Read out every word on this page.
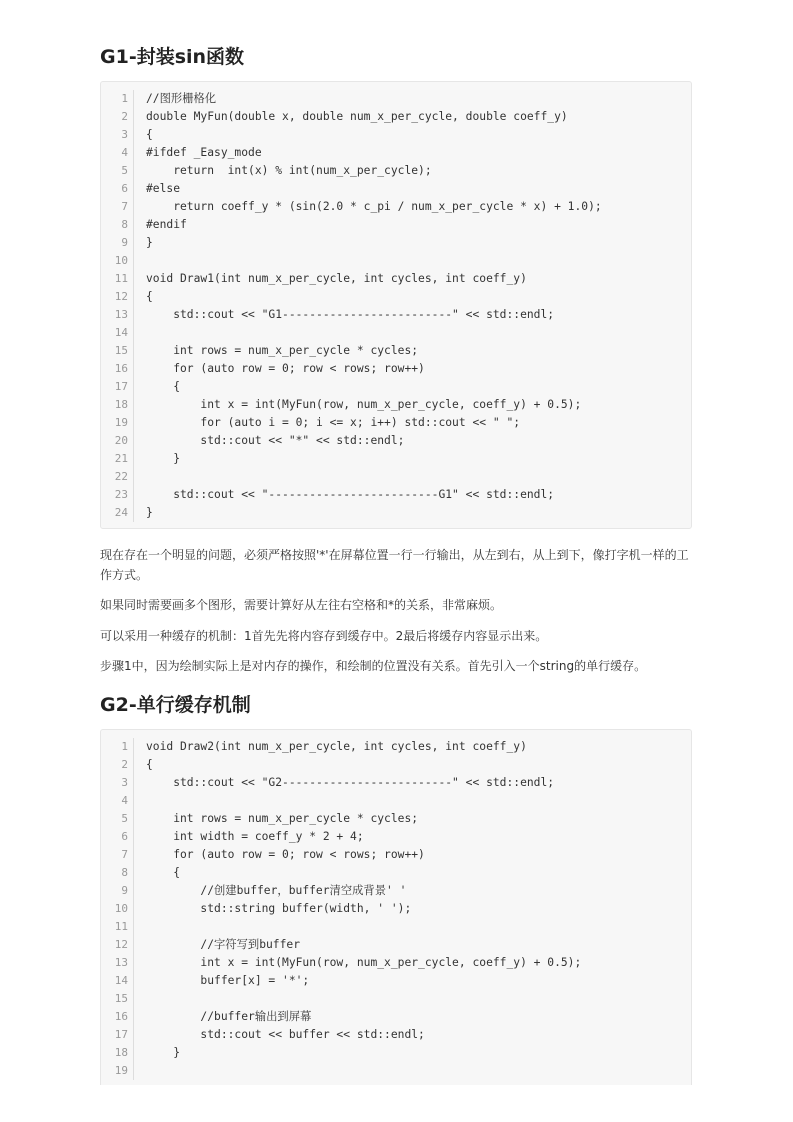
G1-封装sin函数
1	//图形栅格化
2	double MyFun(double x, double num_x_per_cycle, double coeff_y)
3	{
4	#ifdef _Easy_mode
5	return  int(x) % int(num_x_per_cycle);
6	#else
7	return coeff_y * (sin(2.0 * c_pi / num_x_per_cycle * x) + 1.0);
8	#endif
9	}
10
11	void Draw1(int num_x_per_cycle, int cycles, int coeff_y)
12	{
13	std::cout << "G1-------------------------" << std::endl;
14
15	int rows = num_x_per_cycle * cycles;
16	for (auto row = 0; row < rows; row++)
17	{
18	int x = int(MyFun(row, num_x_per_cycle, coeff_y) + 0.5);
19	for (auto i = 0; i <= x; i++) std::cout << " ";
20	std::cout << "*" << std::endl;
21	}
22
23	std::cout << "-------------------------G1" << std::endl;
24	}

现在存在一个明显的问题，必须严格按照'*'在屏幕位置一行一行输出，从左到右，从上到下，像打字机一样的工作方式。

如果同时需要画多个图形，需要计算好从左往右空格和*的关系，非常麻烦。

可以采用一种缓存的机制：1首先先将内容存到缓存中。2最后将缓存内容显示出来。

步骤1中，因为绘制实际上是对内存的操作，和绘制的位置没有关系。首先引入一个string的单行缓存。

G2-单行缓存机制
1	void Draw2(int num_x_per_cycle, int cycles, int coeff_y)
2	{
3	std::cout << "G2-------------------------" << std::endl;
4
5	int rows = num_x_per_cycle * cycles;
6	int width = coeff_y * 2 + 4;
7	for (auto row = 0; row < rows; row++)
8	{
9	//创建buffer，buffer清空成背景' '
10	std::string buffer(width, ' ');
11
12	//字符写到buffer
13	int x = int(MyFun(row, num_x_per_cycle, coeff_y) + 0.5);
14	buffer[x] = '*';
15
16	//buffer输出到屏幕
17	std::cout << buffer << std::endl;
18	}
19
